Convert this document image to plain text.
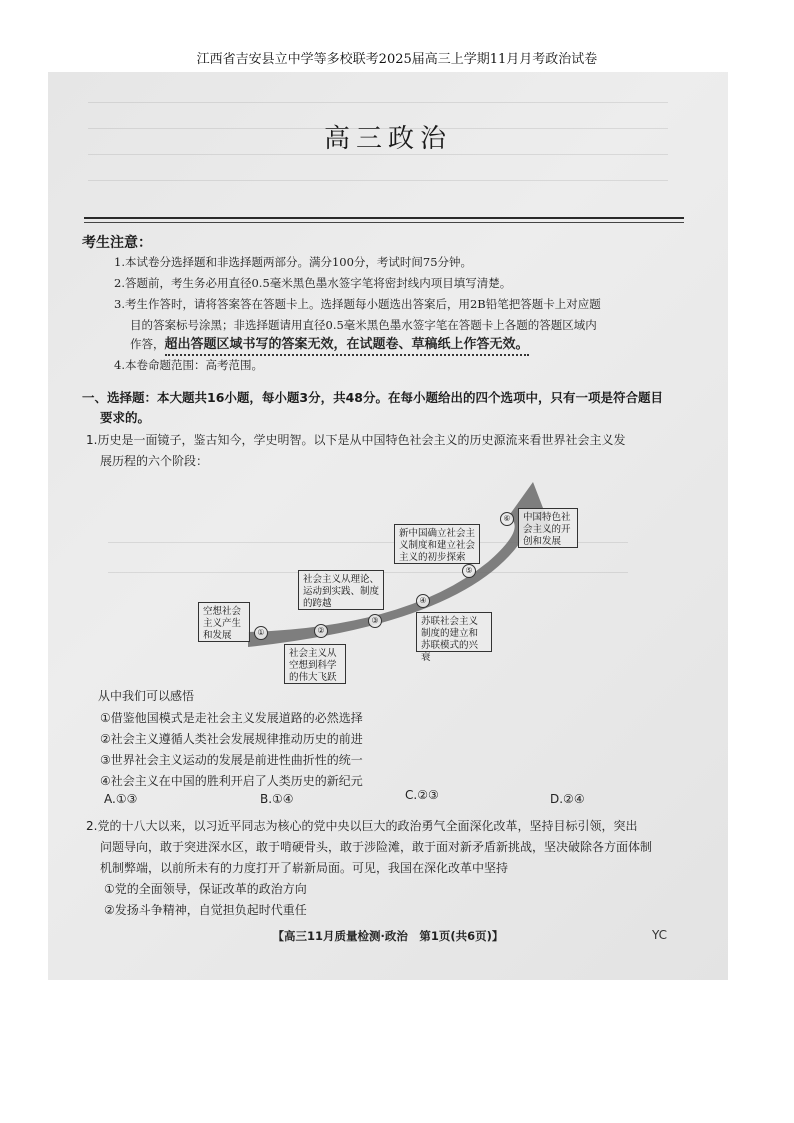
江西省吉安县立中学等多校联考2025届高三上学期11月月考政治试卷
高三政治
考生注意：
1.本试卷分选择题和非选择题两部分。满分100分，考试时间75分钟。
2.答题前，考生务必用直径0.5毫米黑色墨水签字笔将密封线内项目填写清楚。
3.考生作答时，请将答案答在答题卡上。选择题每小题选出答案后，用2B铅笔把答题卡上对应题
目的答案标号涂黑；非选择题请用直径0.5毫米黑色墨水签字笔在答题卡上各题的答题区域内
作答，超出答题区域书写的答案无效，在试题卷、草稿纸上作答无效。
4.本卷命题范围：高考范围。
一、选择题：本大题共16小题，每小题3分，共48分。在每小题给出的四个选项中，只有一项是符合题目
要求的。
1.历史是一面镜子，鉴古知今，学史明智。以下是从中国特色社会主义的历史源流来看世界社会主义发
展历程的六个阶段：
空想社会主义产生和发展	①
社会主义从空想到科学的伟大飞跃
②
社会主义从理论、运动到实践、制度的跨越
③	苏联社会主义制度的建立和苏联模式的兴衰
④
新中国确立社会主义制度和建立社会主义的初步探索
⑤
中国特色社会主义的开创和发展
⑥
从中我们可以感悟
①借鉴他国模式是走社会主义发展道路的必然选择
②社会主义遵循人类社会发展规律推动历史的前进
③世界社会主义运动的发展是前进性曲折性的统一
④社会主义在中国的胜利开启了人类历史的新纪元
A.①③	B.①④	C.②③	D.②④
2.党的十八大以来，以习近平同志为核心的党中央以巨大的政治勇气全面深化改革，坚持目标引领，突出
问题导向，敢于突进深水区，敢于啃硬骨头，敢于涉险滩，敢于面对新矛盾新挑战，坚决破除各方面体制
机制弊端，以前所未有的力度打开了崭新局面。可见，我国在深化改革中坚持
①党的全面领导，保证改革的政治方向
②发扬斗争精神，自觉担负起时代重任
【高三11月质量检测·政治　第1页(共6页)】	YC
